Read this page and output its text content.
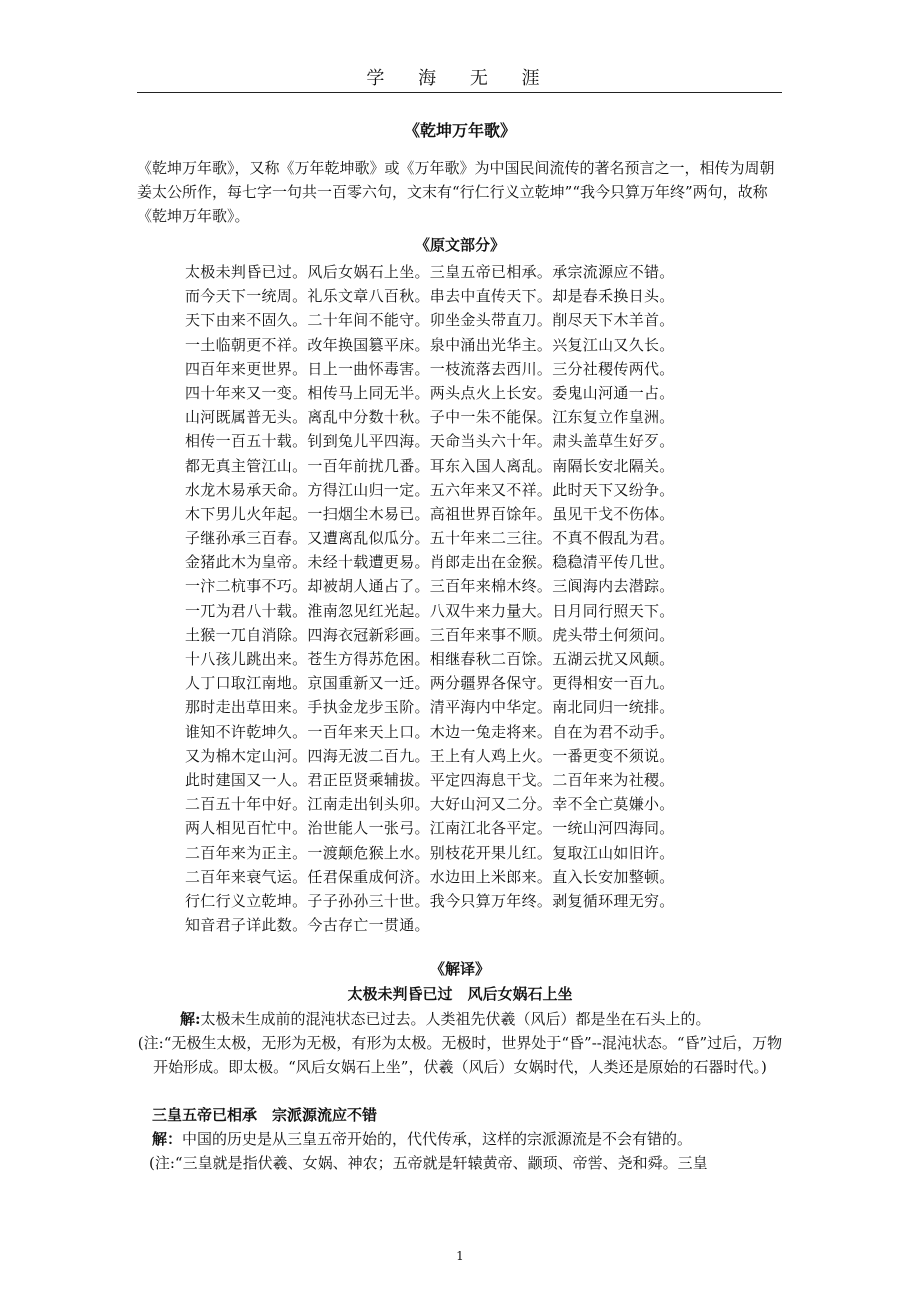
学 海 无 涯
《乾坤万年歌》
《乾坤万年歌》，又称《万年乾坤歌》或《万年歌》为中国民间流传的著名预言之一，相传为周朝姜太公所作，每七字一句共一百零六句，文末有“行仁行义立乾坤”“我今只算万年终”两句，故称《乾坤万年歌》。
《原文部分》
太极未判昏已过。风后女娲石上坐。三皇五帝已相承。承宗流源应不错。
而今天下一统周。礼乐文章八百秋。串去中直传天下。却是春禾换日头。
天下由来不固久。二十年间不能守。卯坐金头带直刀。削尽天下木羊首。
一土临朝更不祥。改年换国篡平床。泉中涌出光华主。兴复江山又久长。
四百年来更世界。日上一曲怀毒害。一枝流落去西川。三分社稷传两代。
四十年来又一变。相传马上同无半。两头点火上长安。委鬼山河通一占。
山河既属普无头。离乱中分数十秋。子中一朱不能保。江东复立作皇洲。
相传一百五十载。钊到兔儿平四海。天命当头六十年。肃头盖草生好歹。
都无真主管江山。一百年前扰几番。耳东入国人离乱。南隔长安北隔关。
水龙木易承天命。方得江山归一定。五六年来又不祥。此时天下又纷争。
木下男儿火年起。一扫烟尘木易已。高祖世界百馀年。虽见干戈不伤体。
子继孙承三百春。又遭离乱似瓜分。五十年来二三往。不真不假乱为君。
金猪此木为皇帝。未经十载遭更易。肖郎走出在金猴。稳稳清平传几世。
一汴二杭事不巧。却被胡人通占了。三百年来棉木终。三阆海内去潜踪。
一兀为君八十载。淮南忽见红光起。八双牛来力量大。日月同行照天下。
土猴一兀自消除。四海衣冠新彩画。三百年来事不顺。虎头带土何须问。
十八孩儿跳出来。苍生方得苏危困。相继春秋二百馀。五湖云扰又风颠。
人丁口取江南地。京国重新又一迁。两分疆界各保守。更得相安一百九。
那时走出草田来。手执金龙步玉阶。清平海内中华定。南北同归一统排。
谁知不许乾坤久。一百年来天上口。木边一兔走将来。自在为君不动手。
又为棉木定山河。四海无波二百九。王上有人鸡上火。一番更变不须说。
此时建国又一人。君正臣贤乘辅拔。平定四海息干戈。二百年来为社稷。
二百五十年中好。江南走出钊头卯。大好山河又二分。幸不全亡莫嫌小。
两人相见百忙中。治世能人一张弓。江南江北各平定。一统山河四海同。
二百年来为正主。一渡颠危猴上水。别枝花开果儿红。复取江山如旧许。
二百年来衰气运。任君保重成何济。水边田上米郎来。直入长安加整顿。
行仁行义立乾坤。子子孙孙三十世。我今只算万年终。剥复循环理无穷。
知音君子详此数。今古存亡一贯通。
《解译》
太极未判昏已过　风后女娲石上坐
解:太极未生成前的混沌状态已过去。人类祖先伏羲（风后）都是坐在石头上的。
(注:“无极生太极，无形为无极，有形为太极。无极时，世界处于“昏”--混沌状态。“昏”过后，万物开始形成。即太极。“风后女娲石上坐”，伏羲（风后）女娲时代，人类还是原始的石器时代。)
三皇五帝已相承　宗派源流应不错
解：中国的历史是从三皇五帝开始的，代代传承，这样的宗派源流是不会有错的。
(注:“三皇就是指伏羲、女娲、神农；五帝就是轩辕黄帝、颛顼、帝喾、尧和舜。三皇
1
